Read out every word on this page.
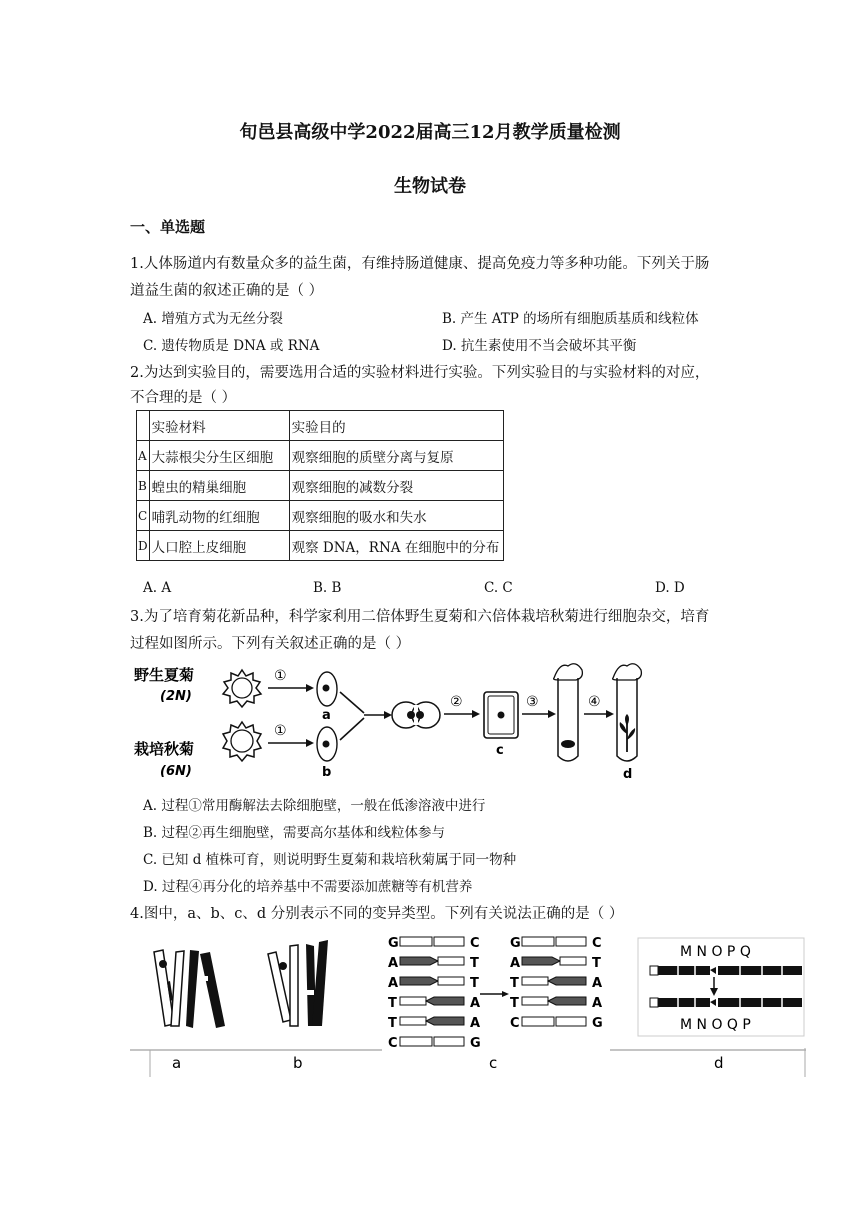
旬邑县高级中学2022届高三12月教学质量检测
生物试卷
一、单选题
1.人体肠道内有数量众多的益生菌，有维持肠道健康、提高免疫力等多种功能。下列关于肠
道益生菌的叙述正确的是（ ）
A. 增殖方式为无丝分裂	B. 产生 ATP 的场所有细胞质基质和线粒体
C. 遗传物质是 DNA 或 RNA	D. 抗生素使用不当会破坏其平衡
2.为达到实验目的，需要选用合适的实验材料进行实验。下列实验目的与实验材料的对应，
不合理的是（ ）
	实验材料	实验目的
A	大蒜根尖分生区细胞	观察细胞的质壁分离与复原
B	蝗虫的精巢细胞	观察细胞的减数分裂
C	哺乳动物的红细胞	观察细胞的吸水和失水
D	人口腔上皮细胞	观察 DNA，RNA 在细胞中的分布
A. A	B. B	C. C	D. D
3.为了培育菊花新品种，科学家利用二倍体野生夏菊和六倍体栽培秋菊进行细胞杂交，培育
过程如图所示。下列有关叙述正确的是（ ）
野生夏菊
(2N)
栽培秋菊
(6N)
①
①
a
b
②
c
③	④
d
A. 过程①常用酶解法去除细胞壁，一般在低渗溶液中进行
B. 过程②再生细胞壁，需要高尔基体和线粒体参与
C. 已知 d 植株可育，则说明野生夏菊和栽培秋菊属于同一物种
D. 过程④再分化的培养基中不需要添加蔗糖等有机营养
4.图中，a、b、c、d 分别表示不同的变异类型。下列有关说法正确的是（ ）
a	b	c	d
G
A
A
T
T
C
C
T
T
A
A
G
G
A
T
T
C
C
T
A
A
G
M N O P Q
M N O Q P
